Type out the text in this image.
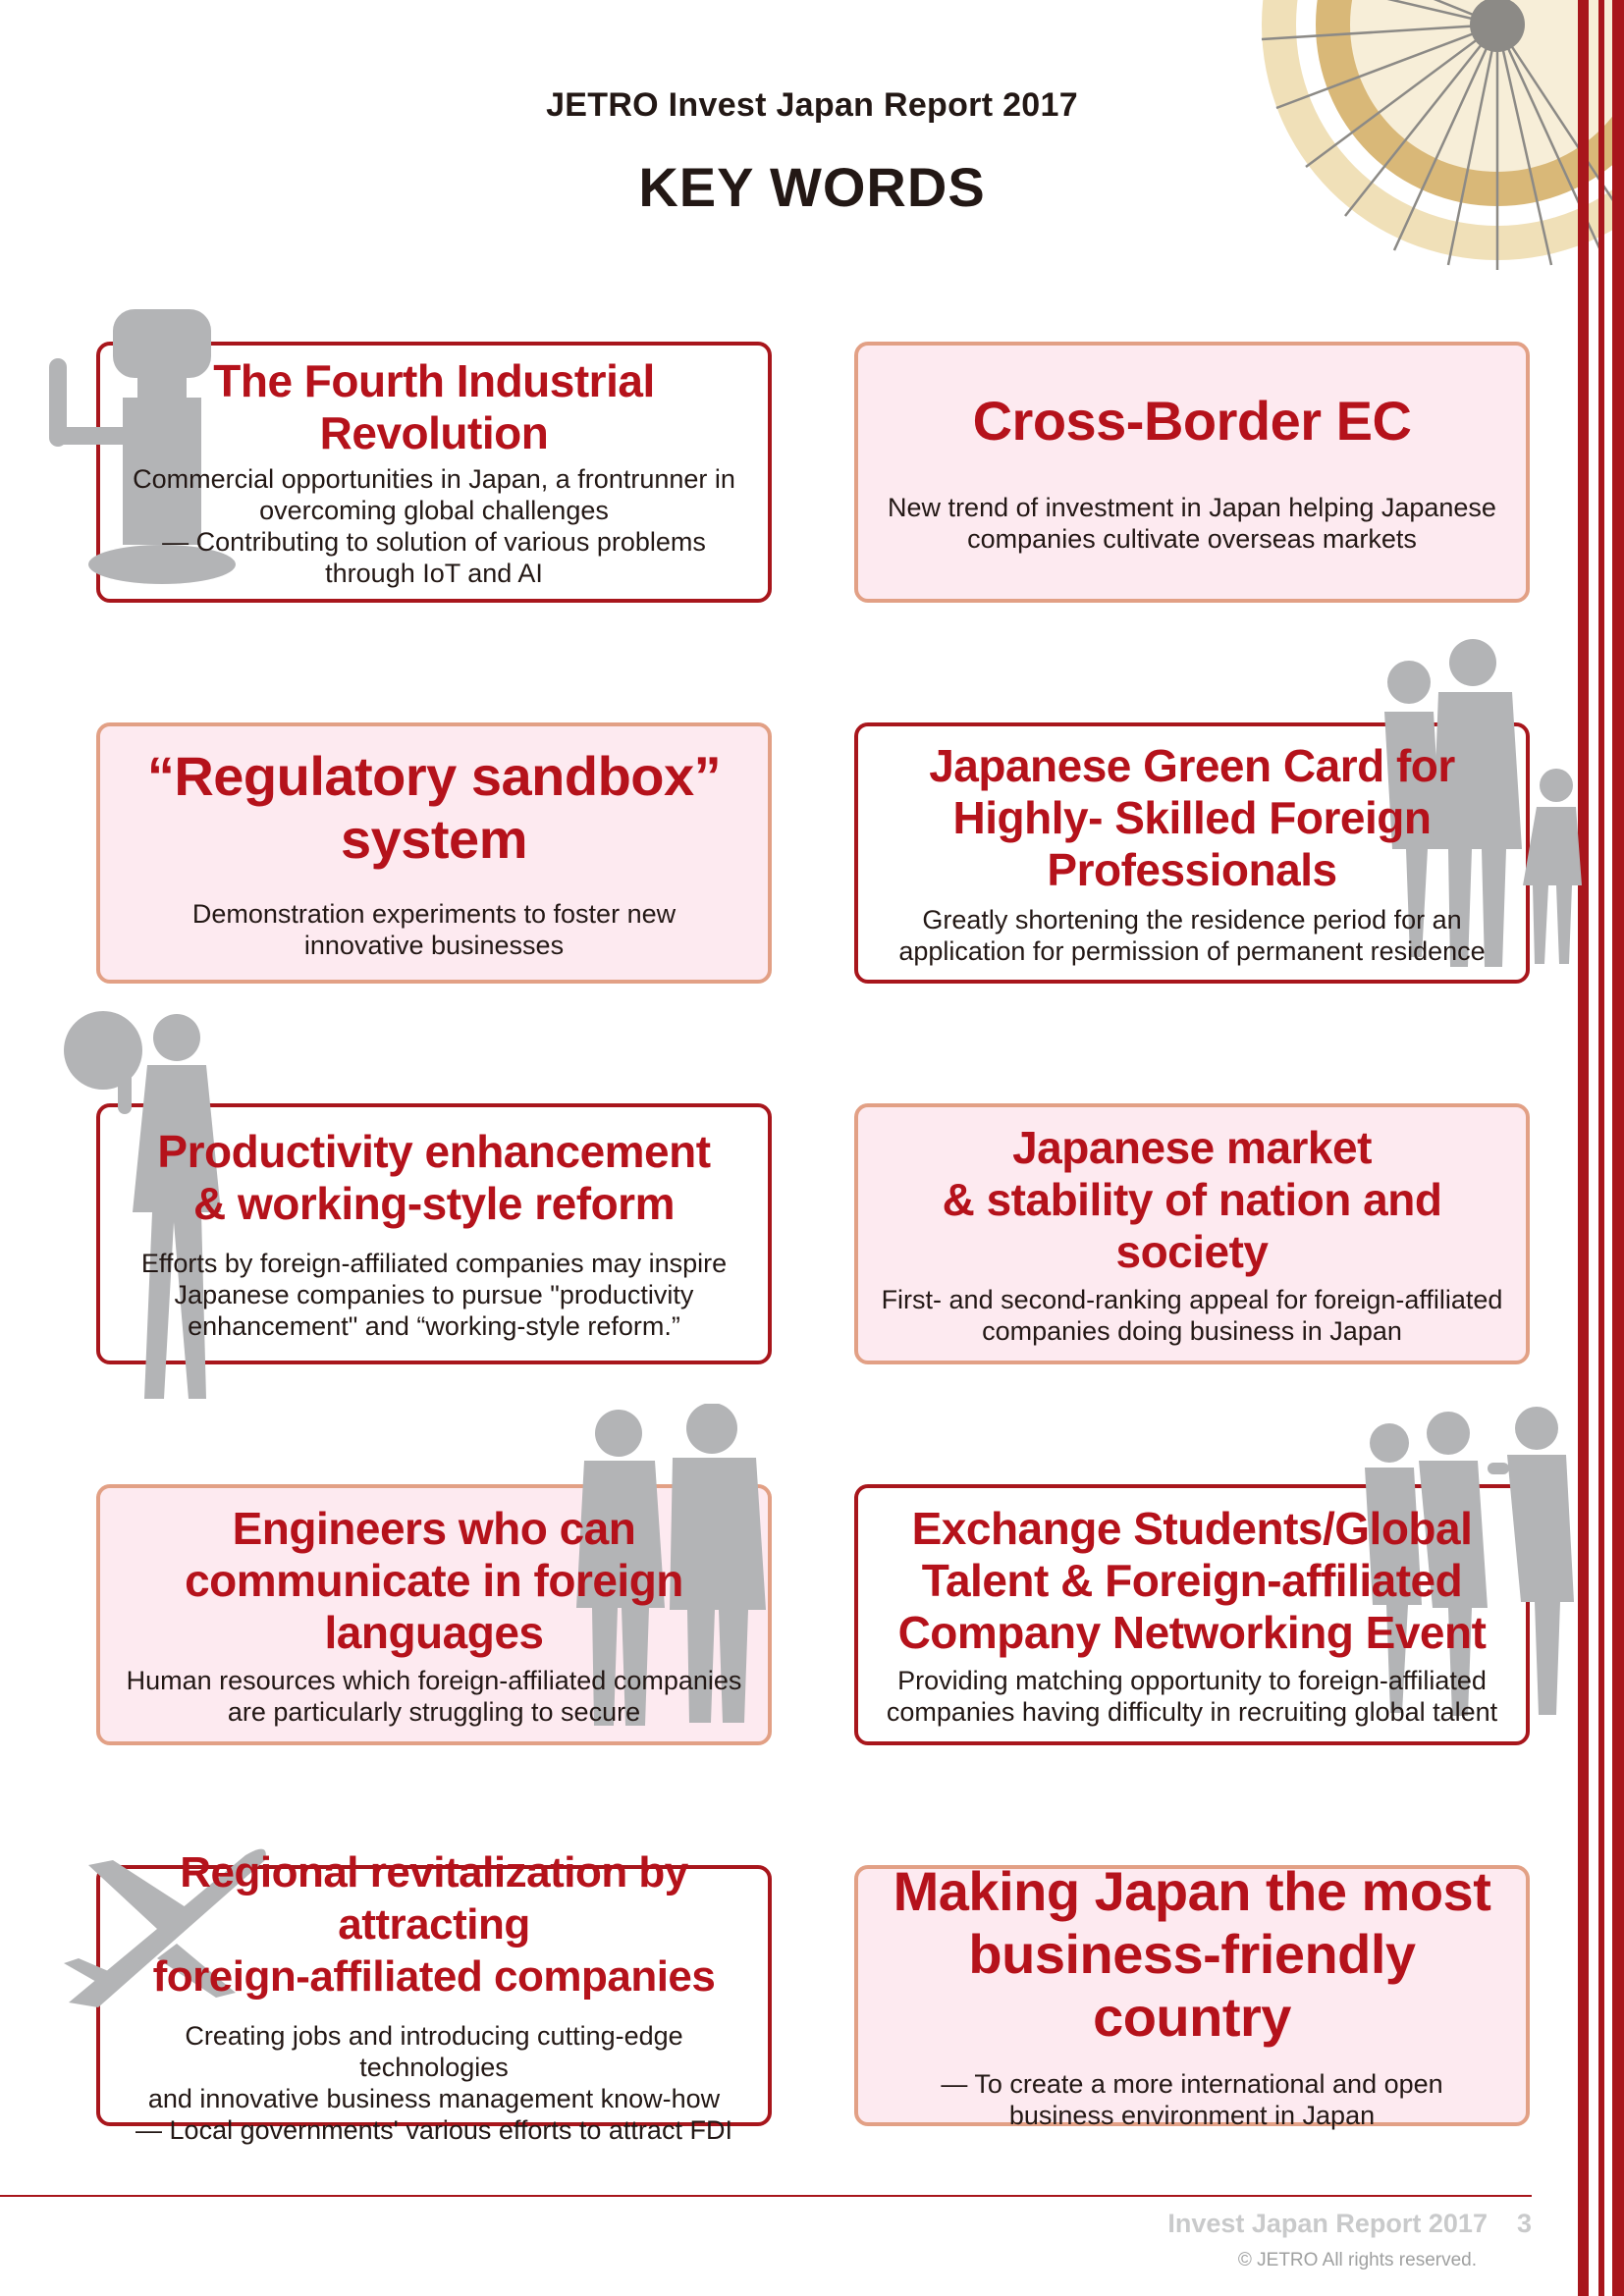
JETRO Invest Japan Report 2017
KEY WORDS
The Fourth Industrial
Revolution
Commercial opportunities in Japan, a frontrunner in
overcoming global challenges
— Contributing to solution of various problems
through IoT and AI
Cross-Border EC
New trend of investment in Japan helping Japanese
companies cultivate overseas markets
“Regulatory sandbox”
system
Demonstration experiments to foster new
innovative businesses
Japanese Green Card for
Highly- Skilled Foreign
Professionals
Greatly shortening the residence period for an
application for permission of permanent residence
Productivity enhancement
& working-style reform
Efforts by foreign-affiliated companies may inspire
Japanese companies to pursue "productivity
enhancement" and “working-style reform.”
Japanese market
& stability of nation and
society
First- and second-ranking appeal for foreign-affiliated
companies doing business in Japan
Engineers who can
communicate in foreign
languages
Human resources which foreign-affiliated companies
are particularly struggling to secure
Exchange Students/Global
Talent & Foreign-affiliated
Company Networking Event
Providing matching opportunity to foreign-affiliated
companies having difficulty in recruiting global talent
Regional revitalization by attracting
foreign-affiliated companies
Creating jobs and introducing cutting-edge technologies
and innovative business management know-how
— Local governments' various efforts to attract FDI
Making Japan the most
business-friendly country
— To create a more international and open
business environment in Japan
Invest Japan Report 2017 3
© JETRO All rights reserved.
